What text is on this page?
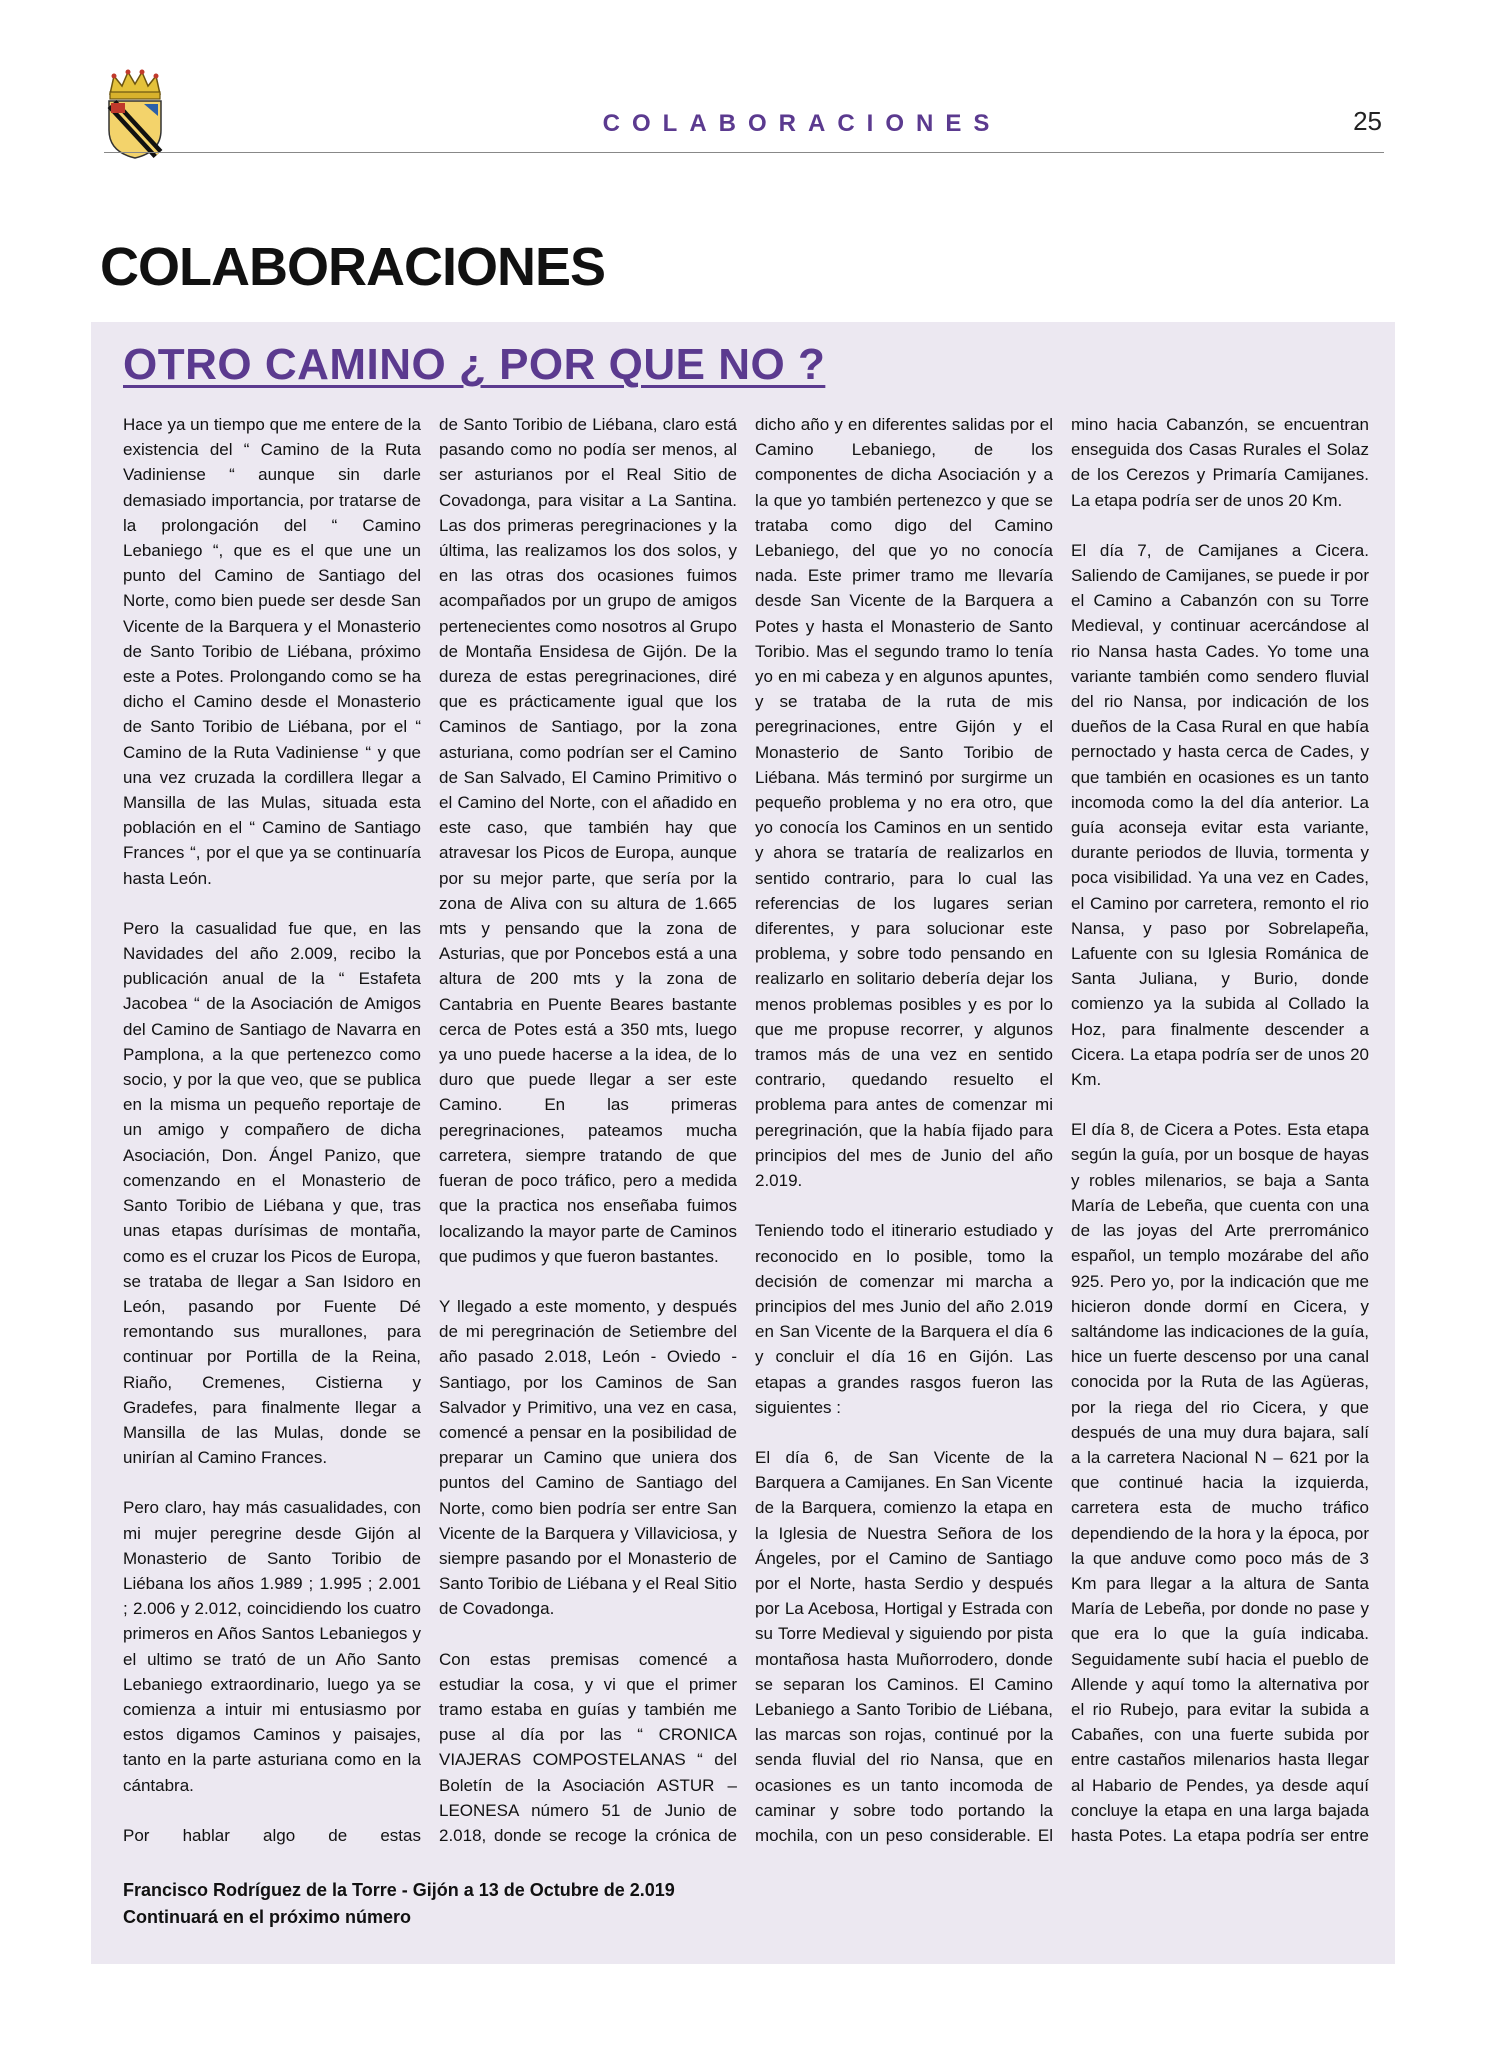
COLABORACIONES	25
COLABORACIONES
OTRO CAMINO ¿ POR QUE NO ?

Hace ya un tiempo que me entere de la existencia del “ Camino de la Ruta Vadiniense “ aunque sin darle demasiado importancia, por tratarse de la prolongación del “ Camino Lebaniego “, que es el que une un punto del Camino de Santiago del Norte, como bien puede ser desde San Vicente de la Barquera y el Monasterio de Santo Toribio de Liébana, próximo este a Potes. Prolongando como se ha dicho el Camino desde el Monasterio de Santo Toribio de Liébana, por el “ Camino de la Ruta Vadiniense “ y que una vez cruzada la cordillera llegar a Mansilla de las Mulas, situada esta población en el “ Camino de Santiago Frances “, por el que ya se continuaría hasta León.

Pero la casualidad fue que, en las Navidades del año 2.009, recibo la publicación anual de la “ Estafeta Jacobea “ de la Asociación de Amigos del Camino de Santiago de Navarra en Pamplona, a la que pertenezco como socio, y por la que veo, que se publica en la misma un pequeño reportaje de un amigo y compañero de dicha Asociación, Don. Ángel Panizo, que comenzando en el Monasterio de Santo Toribio de Liébana y que, tras unas etapas durísimas de montaña, como es el cruzar los Picos de Europa, se trataba de llegar a San Isidoro en León, pasando por Fuente Dé remontando sus murallones, para continuar por Portilla de la Reina, Riaño, Cremenes, Cistierna y Gradefes, para finalmente llegar a Mansilla de las Mulas, donde se unirían al Camino Frances.

Pero claro, hay más casualidades, con mi mujer peregrine desde Gijón al Monasterio de Santo Toribio de Liébana los años 1.989 ; 1.995 ; 2.001 ; 2.006 y 2.012, coincidiendo los cuatro primeros en Años Santos Lebaniegos y el ultimo se trató de un Año Santo Lebaniego extraordinario, luego ya se comienza a intuir mi entusiasmo por estos digamos Caminos y paisajes, tanto en la parte asturiana como en la cántabra.

Por hablar algo de estas

de Santo Toribio de Liébana, claro está pasando como no podía ser menos, al ser asturianos por el Real Sitio de Covadonga, para visitar a La Santina. Las dos primeras peregrinaciones y la última, las realizamos los dos solos, y en las otras dos ocasiones fuimos acompañados por un grupo de amigos pertenecientes como nosotros al Grupo de Montaña Ensidesa de Gijón. De la dureza de estas peregrinaciones, diré que es prácticamente igual que los Caminos de Santiago, por la zona asturiana, como podrían ser el Camino de San Salvado, El Camino Primitivo o el Camino del Norte, con el añadido en este caso, que también hay que atravesar los Picos de Europa, aunque por su mejor parte, que sería por la zona de Aliva con su altura de 1.665 mts y pensando que la zona de Asturias, que por Poncebos está a una altura de 200 mts y la zona de Cantabria en Puente Beares bastante cerca de Potes está a 350 mts, luego ya uno puede hacerse a la idea, de lo duro que puede llegar a ser este Camino. En las primeras peregrinaciones, pateamos mucha carretera, siempre tratando de que fueran de poco tráfico, pero a medida que la practica nos enseñaba fuimos localizando la mayor parte de Caminos que pudimos y que fueron bastantes.

Y llegado a este momento, y después de mi peregrinación de Setiembre del año pasado 2.018, León - Oviedo - Santiago, por los Caminos de San Salvador y Primitivo, una vez en casa, comencé a pensar en la posibilidad de preparar un Camino que uniera dos puntos del Camino de Santiago del Norte, como bien podría ser entre San Vicente de la Barquera y Villaviciosa, y siempre pasando por el Monasterio de Santo Toribio de Liébana y el Real Sitio de Covadonga.

Con estas premisas comencé a estudiar la cosa, y vi que el primer tramo estaba en guías y también me puse al día por las “ CRONICA VIAJERAS COMPOSTELANAS “ del Boletín de la Asociación ASTUR – LEONESA número 51 de Junio de 2.018, donde se recoge la crónica de

dicho año y en diferentes salidas por el Camino Lebaniego, de los componentes de dicha Asociación y a la que yo también pertenezco y que se trataba como digo del Camino Lebaniego, del que yo no conocía nada. Este primer tramo me llevaría desde San Vicente de la Barquera a Potes y hasta el Monasterio de Santo Toribio. Mas el segundo tramo lo tenía yo en mi cabeza y en algunos apuntes, y se trataba de la ruta de mis peregrinaciones, entre Gijón y el Monasterio de Santo Toribio de Liébana. Más terminó por surgirme un pequeño problema y no era otro, que yo conocía los Caminos en un sentido y ahora se trataría de realizarlos en sentido contrario, para lo cual las referencias de los lugares serian diferentes, y para solucionar este problema, y sobre todo pensando en realizarlo en solitario debería dejar los menos problemas posibles y es por lo que me propuse recorrer, y algunos tramos más de una vez en sentido contrario, quedando resuelto el problema para antes de comenzar mi peregrinación, que la había fijado para principios del mes de Junio del año 2.019.

Teniendo todo el itinerario estudiado y reconocido en lo posible, tomo la decisión de comenzar mi marcha a principios del mes Junio del año 2.019 en San Vicente de la Barquera el día 6 y concluir el día 16 en Gijón. Las etapas a grandes rasgos fueron las siguientes :

El día 6, de San Vicente de la Barquera a Camijanes. En San Vicente de la Barquera, comienzo la etapa en la Iglesia de Nuestra Señora de los Ángeles, por el Camino de Santiago por el Norte, hasta Serdio y después por La Acebosa, Hortigal y Estrada con su Torre Medieval y siguiendo por pista montañosa hasta Muñorrodero, donde se separan los Caminos. El Camino Lebaniego a Santo Toribio de Liébana, las marcas son rojas, continué por la senda fluvial del rio Nansa, que en ocasiones es un tanto incomoda de caminar y sobre todo portando la mochila, con un peso considerable. El

mino hacia Cabanzón, se encuentran enseguida dos Casas Rurales el Solaz de los Cerezos y Primaría Camijanes. La etapa podría ser de unos 20 Km.

El día 7, de Camijanes a Cicera. Saliendo de Camijanes, se puede ir por el Camino a Cabanzón con su Torre Medieval, y continuar acercándose al rio Nansa hasta Cades. Yo tome una variante también como sendero fluvial del rio Nansa, por indicación de los dueños de la Casa Rural en que había pernoctado y hasta cerca de Cades, y que también en ocasiones es un tanto incomoda como la del día anterior. La guía aconseja evitar esta variante, durante periodos de lluvia, tormenta y poca visibilidad. Ya una vez en Cades, el Camino por carretera, remonto el rio Nansa, y paso por Sobrelapeña, Lafuente con su Iglesia Románica de Santa Juliana, y Burio, donde comienzo ya la subida al Collado la Hoz, para finalmente descender a Cicera. La etapa podría ser de unos 20 Km.

El día 8, de Cicera a Potes. Esta etapa según la guía, por un bosque de hayas y robles milenarios, se baja a Santa María de Lebeña, que cuenta con una de las joyas del Arte prerrománico español, un templo mozárabe del año 925. Pero yo, por la indicación que me hicieron donde dormí en Cicera, y saltándome las indicaciones de la guía, hice un fuerte descenso por una canal conocida por la Ruta de las Agüeras, por la riega del rio Cicera, y que después de una muy dura bajara, salí a la carretera Nacional N – 621 por la que continué hacia la izquierda, carretera esta de mucho tráfico dependiendo de la hora y la época, por la que anduve como poco más de 3 Km para llegar a la altura de Santa María de Lebeña, por donde no pase y que era lo que la guía indicaba. Seguidamente subí hacia el pueblo de Allende y aquí tomo la alternativa por el rio Rubejo, para evitar la subida a Cabañes, con una fuerte subida por entre castaños milenarios hasta llegar al Habario de Pendes, ya desde aquí concluye la etapa en una larga bajada hasta Potes. La etapa podría ser entre

Francisco Rodríguez de la Torre - Gijón a 13 de Octubre de 2.019
Continuará en el próximo número
